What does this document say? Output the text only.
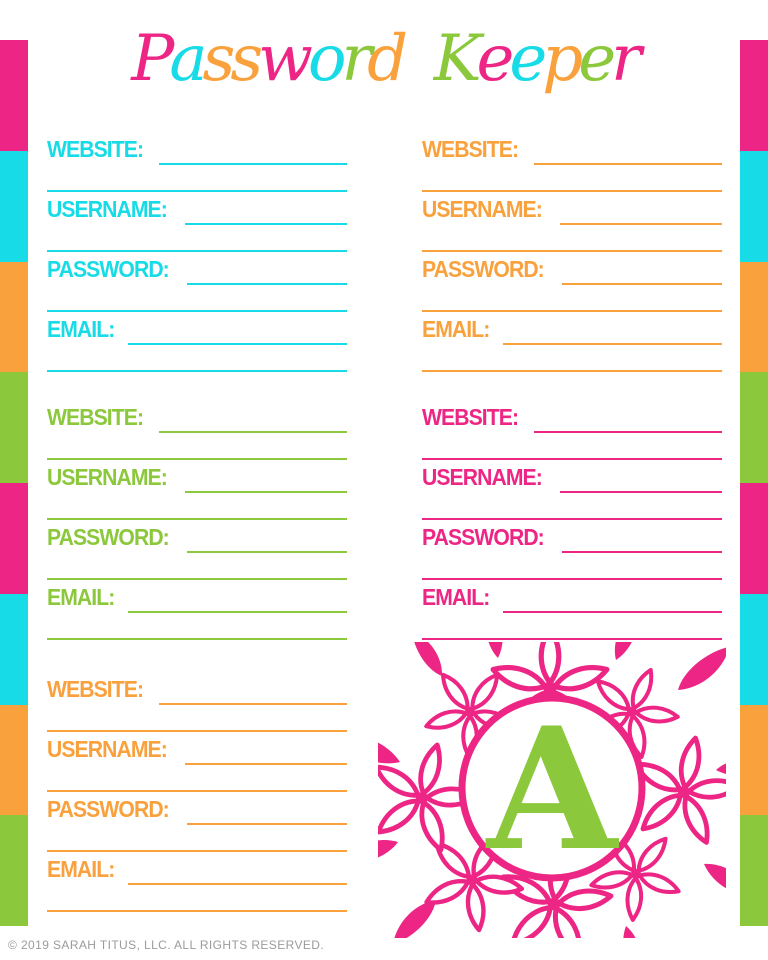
Password Keeper
WEBSITE:
USERNAME:
PASSWORD:
EMAIL:
WEBSITE:
USERNAME:
PASSWORD:
EMAIL:
WEBSITE:
USERNAME:
PASSWORD:
EMAIL:
WEBSITE:
USERNAME:
PASSWORD:
EMAIL:
WEBSITE:
USERNAME:
PASSWORD:
EMAIL:
A
© 2019 SARAH TITUS, LLC. ALL RIGHTS RESERVED.
